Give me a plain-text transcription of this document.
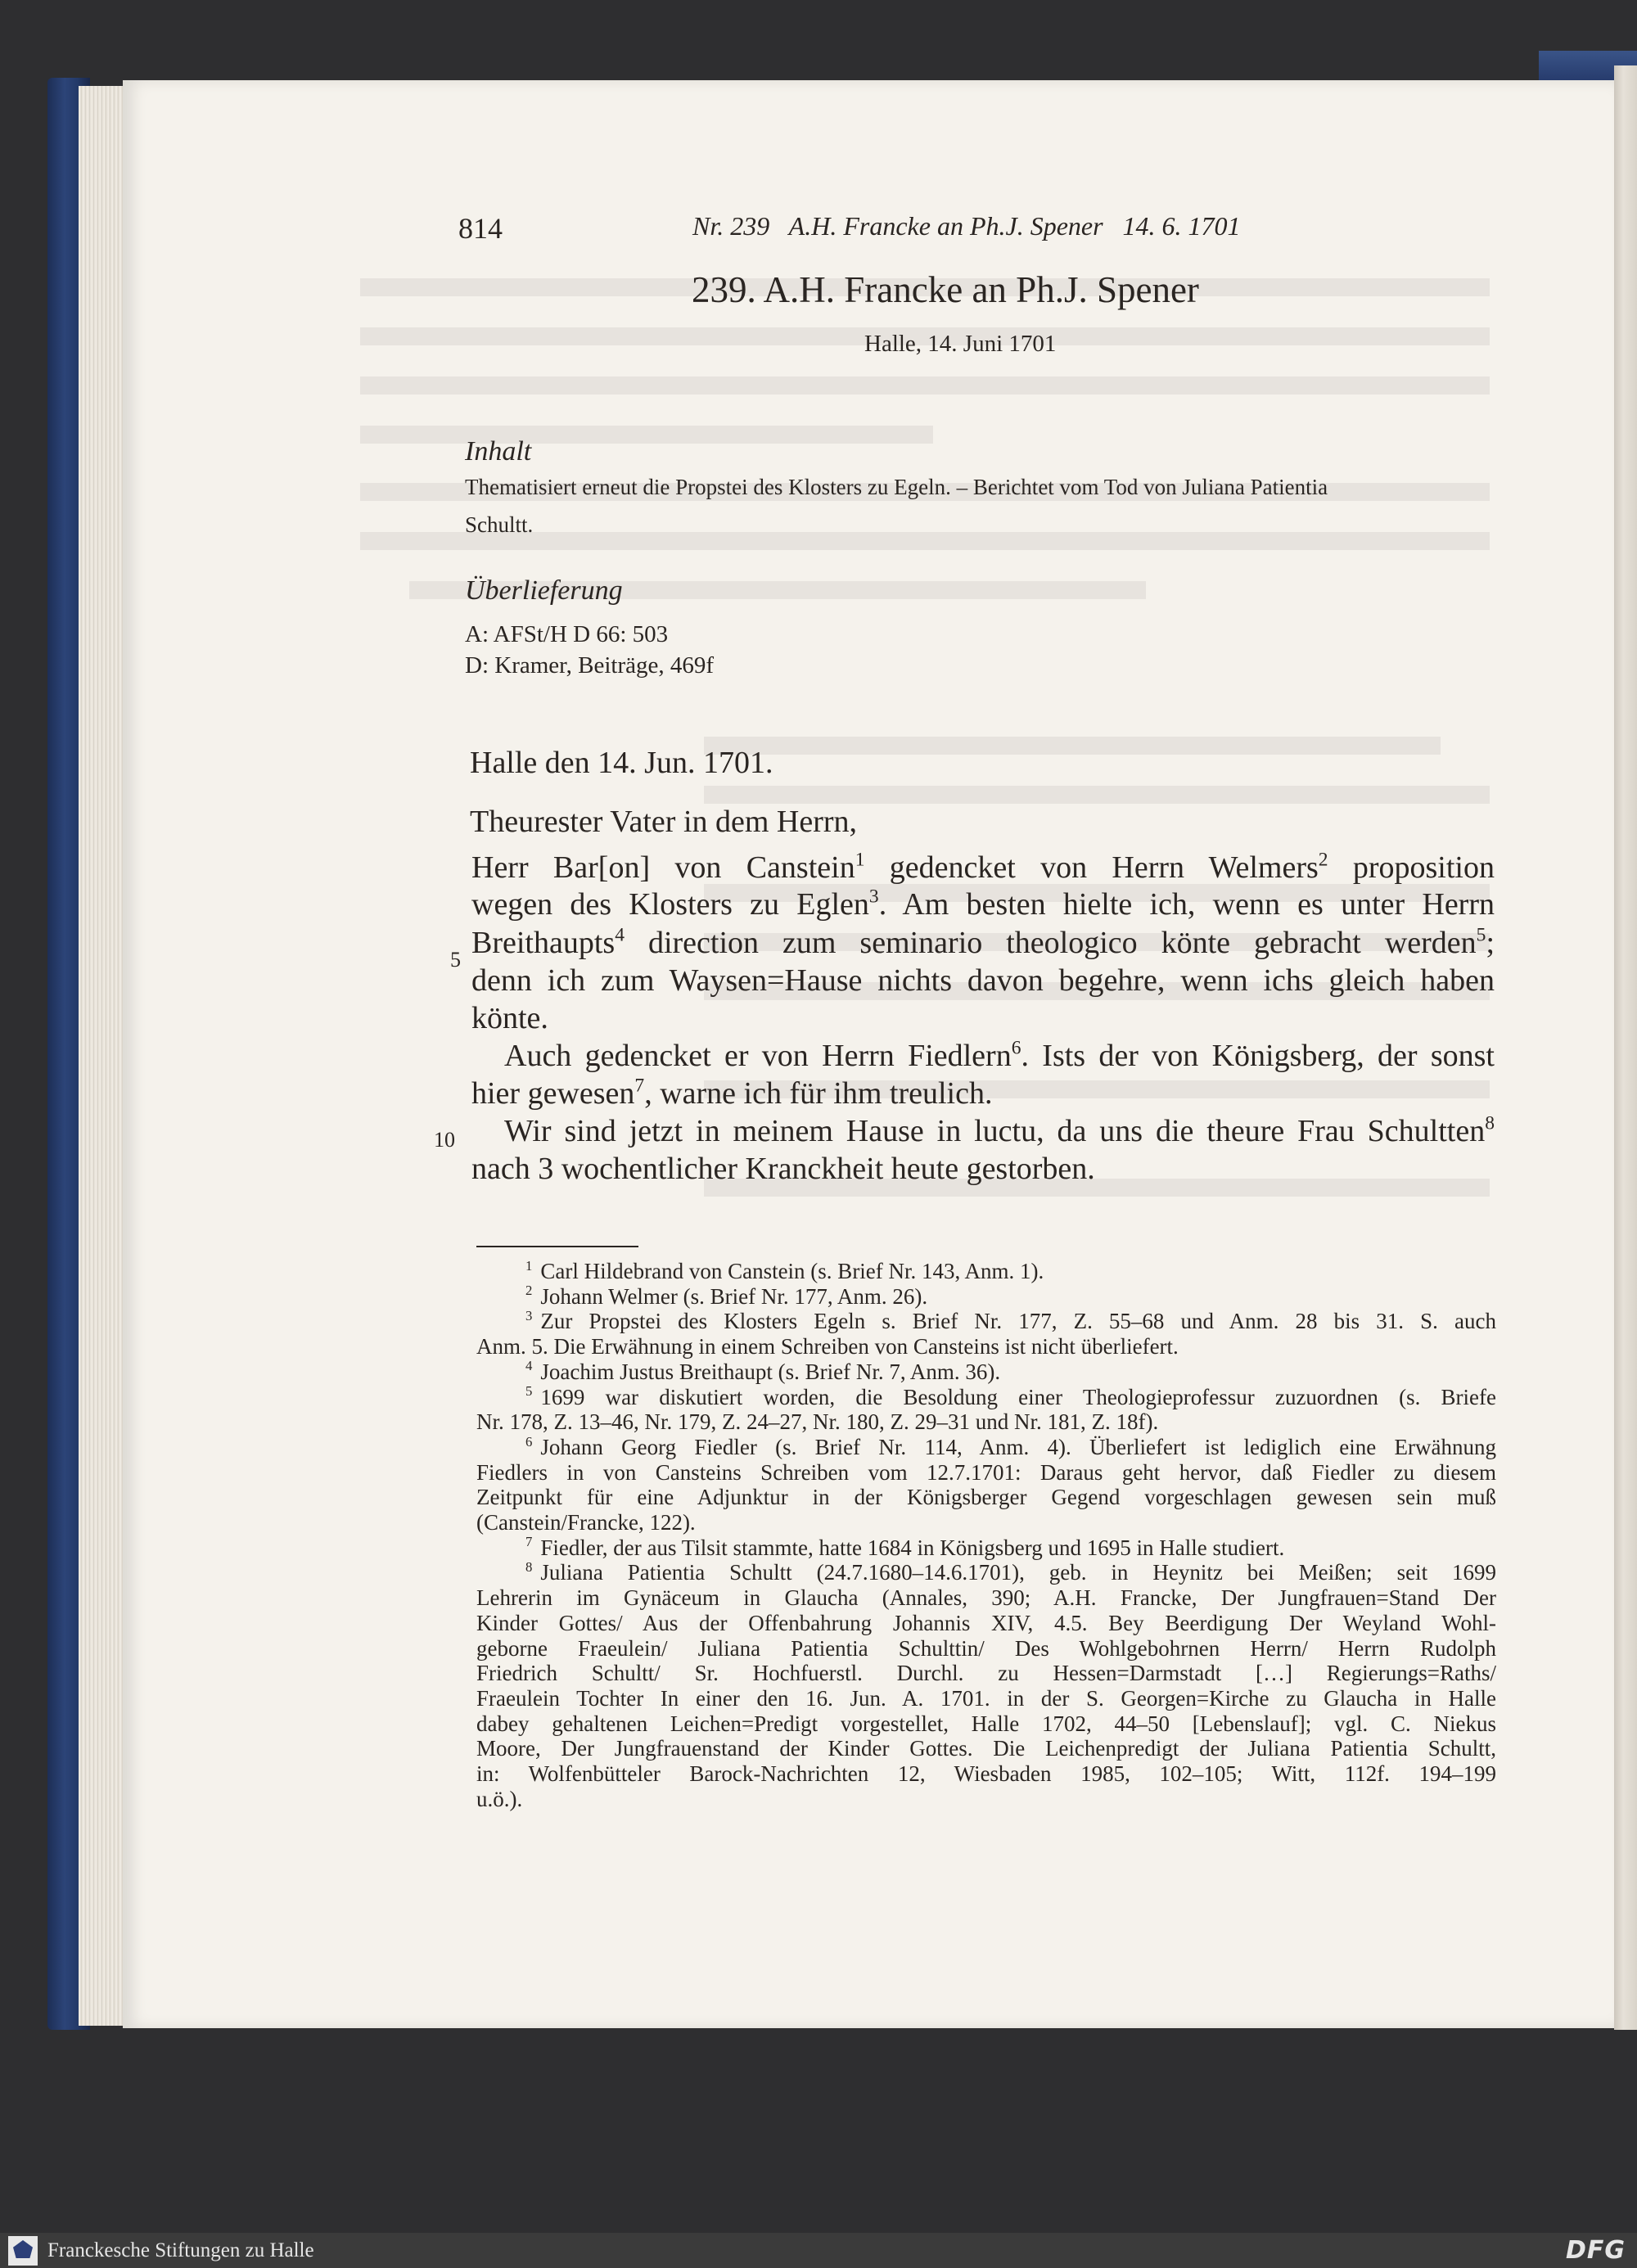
814	Nr. 239   A.H. Francke an Ph.J. Spener   14. 6. 1701
239. A.H. Francke an Ph.J. Spener
Halle, 14. Juni 1701
Inhalt
Thematisiert erneut die Propstei des Klosters zu Egeln. – Berichtet vom Tod von Juliana Patientia
Schultt.
Überlieferung
A: AFSt/H D 66: 503
D: Kramer, Beiträge, 469f
Halle den 14. Jun. 1701.
Theurester Vater in dem Herrn,
5
10
Herr Bar[on] von Canstein$^1$ gedencket von Herrn Welmers$^2$ proposition
wegen des Klosters zu Eglen$^3$. Am besten hielte ich, wenn es unter Herrn
Breithaupts$^4$ direction zum seminario theologico könte gebracht werden$^5$;
denn ich zum Waysen=Hause nichts davon begehre, wenn ichs gleich haben
könte.
Auch gedencket er von Herrn Fiedlern$^6$. Ists der von Königsberg, der sonst
hier gewesen$^7$, warne ich für ihm treulich.
Wir sind jetzt in meinem Hause in luctu, da uns die theure Frau Schultten$^8$
nach 3 wochentlicher Kranckheit heute gestorben.
$^1$ Carl Hildebrand von Canstein (s. Brief Nr. 143, Anm. 1).
$^2$ Johann Welmer (s. Brief Nr. 177, Anm. 26).
$^3$ Zur Propstei des Klosters Egeln s. Brief Nr. 177, Z. 55–68 und Anm. 28 bis 31. S. auch
Anm. 5. Die Erwähnung in einem Schreiben von Cansteins ist nicht überliefert.
$^4$ Joachim Justus Breithaupt (s. Brief Nr. 7, Anm. 36).
$^5$ 1699 war diskutiert worden, die Besoldung einer Theologieprofessur zuzuordnen (s. Briefe
Nr. 178, Z. 13–46, Nr. 179, Z. 24–27, Nr. 180, Z. 29–31 und Nr. 181, Z. 18f).
$^6$ Johann Georg Fiedler (s. Brief Nr. 114, Anm. 4). Überliefert ist lediglich eine Erwähnung
Fiedlers in von Cansteins Schreiben vom 12.7.1701: Daraus geht hervor, daß Fiedler zu diesem
Zeitpunkt für eine Adjunktur in der Königsberger Gegend vorgeschlagen gewesen sein muß
(Canstein/Francke, 122).
$^7$ Fiedler, der aus Tilsit stammte, hatte 1684 in Königsberg und 1695 in Halle studiert.
$^8$ Juliana Patientia Schultt (24.7.1680–14.6.1701), geb. in Heynitz bei Meißen; seit 1699
Lehrerin im Gynäceum in Glaucha (Annales, 390; A.H. Francke, Der Jungfrauen=Stand Der
Kinder Gottes/ Aus der Offenbahrung Johannis XIV, 4.5. Bey Beerdigung Der Weyland Wohl-
geborne Fraeulein/ Juliana Patientia Schulttin/ Des Wohlgebohrnen Herrn/ Herrn Rudolph
Friedrich Schultt/ Sr. Hochfuerstl. Durchl. zu Hessen=Darmstadt […] Regierungs=Raths/
Fraeulein Tochter In einer den 16. Jun. A. 1701. in der S. Georgen=Kirche zu Glaucha in Halle
dabey gehaltenen Leichen=Predigt vorgestellet, Halle 1702, 44–50 [Lebenslauf]; vgl. C. Niekus
Moore, Der Jungfrauenstand der Kinder Gottes. Die Leichenpredigt der Juliana Patientia Schultt,
in: Wolfenbütteler Barock-Nachrichten 12, Wiesbaden 1985, 102–105; Witt, 112f. 194–199
u.ö.).
Franckesche Stiftungen zu Halle	DFG
